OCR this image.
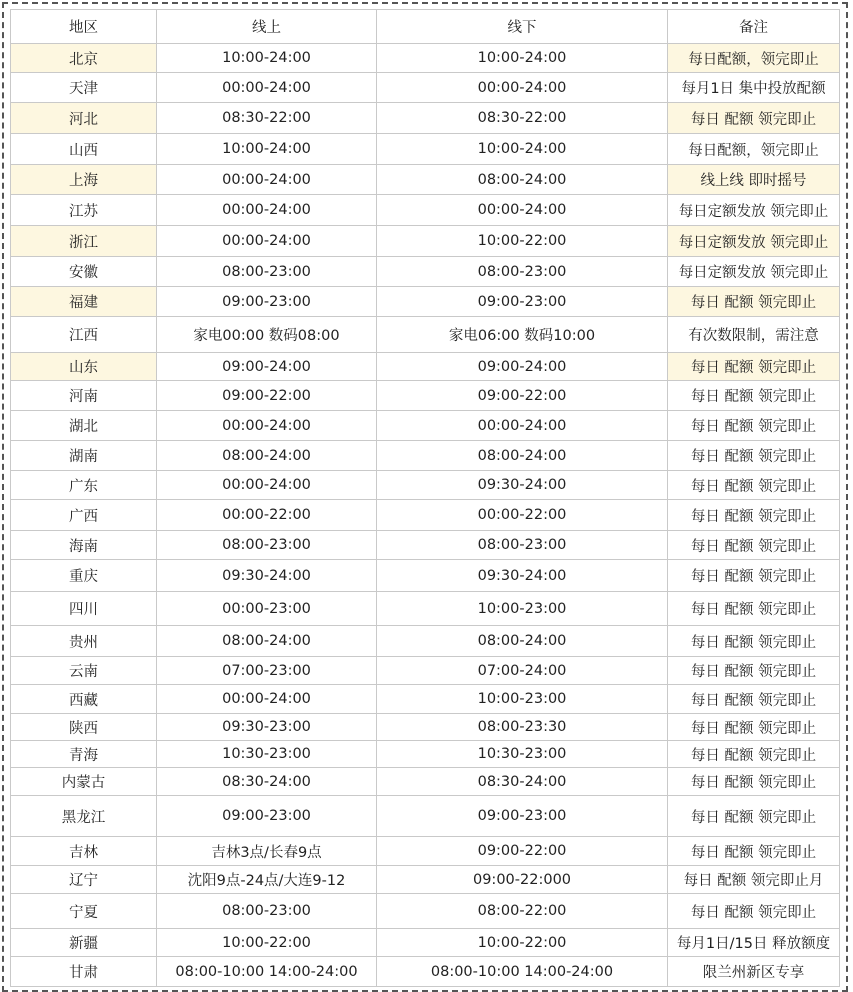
地区	线上	线下	备注
北京	10:00-24:00	10:00-24:00	每日配额，领完即止
天津	00:00-24:00	00:00-24:00	每月1日 集中投放配额
河北	08:30-22:00	08:30-22:00	每日 配额 领完即止
山西	10:00-24:00	10:00-24:00	每日配额，领完即止
上海	00:00-24:00	08:00-24:00	线上线 即时摇号
江苏	00:00-24:00	00:00-24:00	每日定额发放 领完即止
浙江	00:00-24:00	10:00-22:00	每日定额发放 领完即止
安徽	08:00-23:00	08:00-23:00	每日定额发放 领完即止
福建	09:00-23:00	09:00-23:00	每日 配额 领完即止
江西	家电00:00 数码08:00	家电06:00 数码10:00	有次数限制，需注意
山东	09:00-24:00	09:00-24:00	每日 配额 领完即止
河南	09:00-22:00	09:00-22:00	每日 配额 领完即止
湖北	00:00-24:00	00:00-24:00	每日 配额 领完即止
湖南	08:00-24:00	08:00-24:00	每日 配额 领完即止
广东	00:00-24:00	09:30-24:00	每日 配额 领完即止
广西	00:00-22:00	00:00-22:00	每日 配额 领完即止
海南	08:00-23:00	08:00-23:00	每日 配额 领完即止
重庆	09:30-24:00	09:30-24:00	每日 配额 领完即止
四川	00:00-23:00	10:00-23:00	每日 配额 领完即止
贵州	08:00-24:00	08:00-24:00	每日 配额 领完即止
云南	07:00-23:00	07:00-24:00	每日 配额 领完即止
西藏	00:00-24:00	10:00-23:00	每日 配额 领完即止
陕西	09:30-23:00	08:00-23:30	每日 配额 领完即止
青海	10:30-23:00	10:30-23:00	每日 配额 领完即止
内蒙古	08:30-24:00	08:30-24:00	每日 配额 领完即止
黑龙江	09:00-23:00	09:00-23:00	每日 配额 领完即止
吉林	吉林3点/长春9点	09:00-22:00	每日 配额 领完即止
辽宁	沈阳9点-24点/大连9-12	09:00-22:000	每日 配额 领完即止月
宁夏	08:00-23:00	08:00-22:00	每日 配额 领完即止
新疆	10:00-22:00	10:00-22:00	每月1日/15日 释放额度
甘肃	08:00-10:00 14:00-24:00	08:00-10:00 14:00-24:00	限兰州新区专享
